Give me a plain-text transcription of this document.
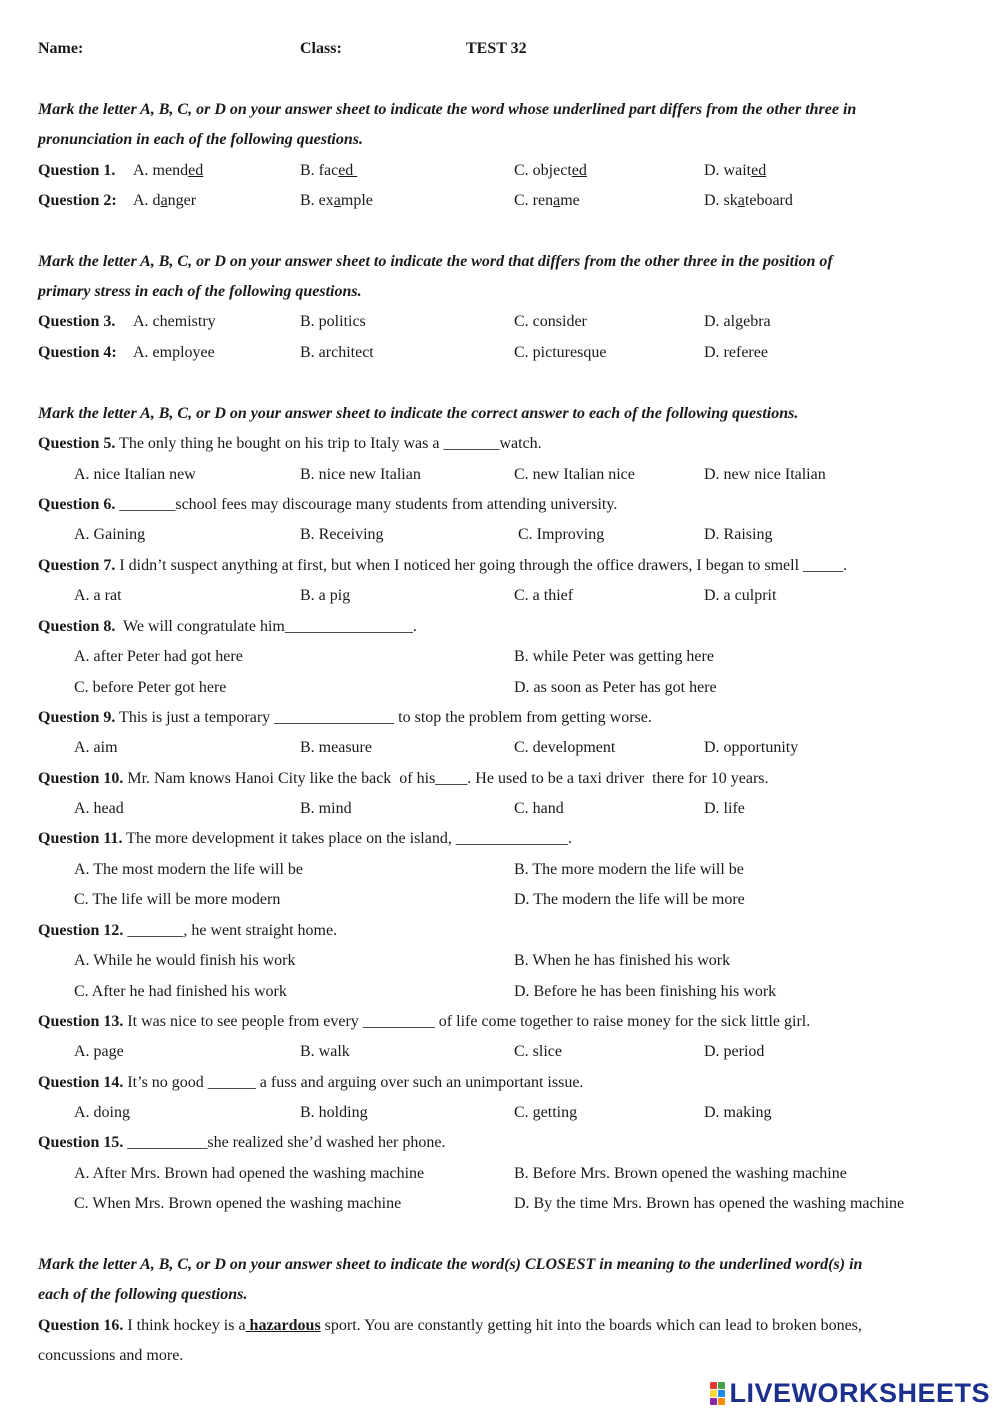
Name:	Class:	TEST 32
Mark the letter A, B, C, or D on your answer sheet to indicate the word whose underlined part differs from the other three in
pronunciation in each of the following questions.
Question 1. A. mended	B. faced	C. objected	D. waited
Question 2: A. danger	B. example	C. rename	D. skateboard
Mark the letter A, B, C, or D on your answer sheet to indicate the word that differs from the other three in the position of
primary stress in each of the following questions.
Question 3. A. chemistry	B. politics	C. consider	D. algebra
Question 4: A. employee	B. architect	C. picturesque	D. referee
Mark the letter A, B, C, or D on your answer sheet to indicate the correct answer to each of the following questions.
Question 5. The only thing he bought on his trip to Italy was a _______watch.
A. nice Italian new	B. nice new Italian	C. new Italian nice	D. new nice Italian
Question 6. _______school fees may discourage many students from attending university.
A. Gaining	B. Receiving	C. Improving	D. Raising
Question 7. I didn’t suspect anything at first, but when I noticed her going through the office drawers, I began to smell _____.
A. a rat	B. a pig	C. a thief	D. a culprit
Question 8.  We will congratulate him________________.
A. after Peter had got here	B. while Peter was getting here
C. before Peter got here	D. as soon as Peter has got here
Question 9. This is just a temporary _______________ to stop the problem from getting worse.
A. aim	B. measure	C. development	D. opportunity
Question 10. Mr. Nam knows Hanoi City like the back  of his____. He used to be a taxi driver  there for 10 years.
A. head	B. mind	C. hand	D. life
Question 11. The more development it takes place on the island, ______________.
A. The most modern the life will be	B. The more modern the life will be
C. The life will be more modern	D. The modern the life will be more
Question 12. _______, he went straight home.
A. While he would finish his work	B. When he has finished his work
C. After he had finished his work	D. Before he has been finishing his work
Question 13. It was nice to see people from every _________ of life come together to raise money for the sick little girl.
A. page	B. walk	C. slice	D. period
Question 14. It’s no good ______ a fuss and arguing over such an unimportant issue.
A. doing	B. holding	C. getting	D. making
Question 15. __________she realized she’d washed her phone.
A. After Mrs. Brown had opened the washing machine	B. Before Mrs. Brown opened the washing machine
C. When Mrs. Brown opened the washing machine	D. By the time Mrs. Brown has opened the washing machine
Mark the letter A, B, C, or D on your answer sheet to indicate the word(s) CLOSEST in meaning to the underlined word(s) in
each of the following questions.
Question 16. I think hockey is a hazardous sport. You are constantly getting hit into the boards which can lead to broken bones,
concussions and more.
LIVEWORKSHEETS
